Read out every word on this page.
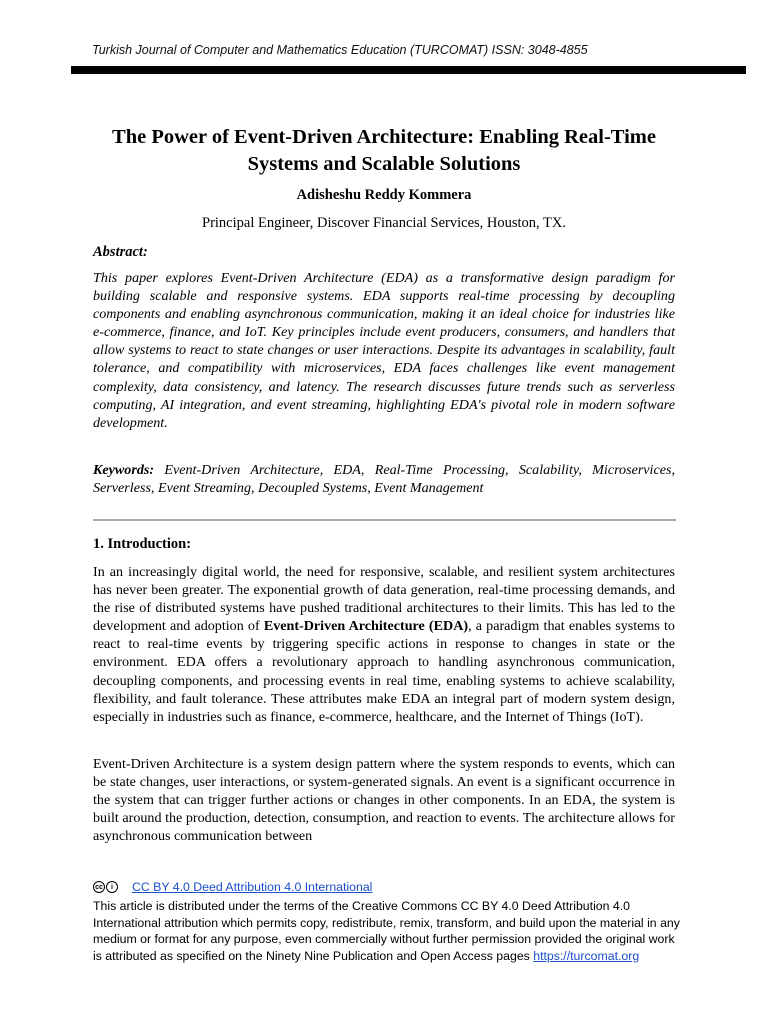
Turkish Journal of Computer and Mathematics Education (TURCOMAT) ISSN: 3048-4855
The Power of Event-Driven Architecture: Enabling Real-Time Systems and Scalable Solutions
Adisheshu Reddy Kommera
Principal Engineer, Discover Financial Services, Houston, TX.
Abstract:

This paper explores Event-Driven Architecture (EDA) as a transformative design paradigm for building scalable and responsive systems. EDA supports real-time processing by decoupling components and enabling asynchronous communication, making it an ideal choice for industries like e-commerce, finance, and IoT. Key principles include event producers, consumers, and handlers that allow systems to react to state changes or user interactions. Despite its advantages in scalability, fault tolerance, and compatibility with microservices, EDA faces challenges like event management complexity, data consistency, and latency. The research discusses future trends such as serverless computing, AI integration, and event streaming, highlighting EDA's pivotal role in modern software development.

Keywords: Event-Driven Architecture, EDA, Real-Time Processing, Scalability, Microservices, Serverless, Event Streaming, Decoupled Systems, Event Management

1. Introduction:

In an increasingly digital world, the need for responsive, scalable, and resilient system architectures has never been greater. The exponential growth of data generation, real-time processing demands, and the rise of distributed systems have pushed traditional architectures to their limits. This has led to the development and adoption of Event-Driven Architecture (EDA), a paradigm that enables systems to react to real-time events by triggering specific actions in response to changes in state or the environment. EDA offers a revolutionary approach to handling asynchronous communication, decoupling components, and processing events in real time, enabling systems to achieve scalability, flexibility, and fault tolerance. These attributes make EDA an integral part of modern system design, especially in industries such as finance, e-commerce, healthcare, and the Internet of Things (IoT).

Event-Driven Architecture is a system design pattern where the system responds to events, which can be state changes, user interactions, or system-generated signals. An event is a significant occurrence in the system that can trigger further actions or changes in other components. In an EDA, the system is built around the production, detection, consumption, and reaction to events. The architecture allows for asynchronous communication between

cc	i	CC BY 4.0 Deed Attribution 4.0 International

This article is distributed under the terms of the Creative Commons CC BY 4.0 Deed Attribution 4.0 International attribution which permits copy, redistribute, remix, transform, and build upon the material in any medium or format for any purpose, even commercially without further permission provided the original work is attributed as specified on the Ninety Nine Publication and Open Access pages https://turcomat.org
